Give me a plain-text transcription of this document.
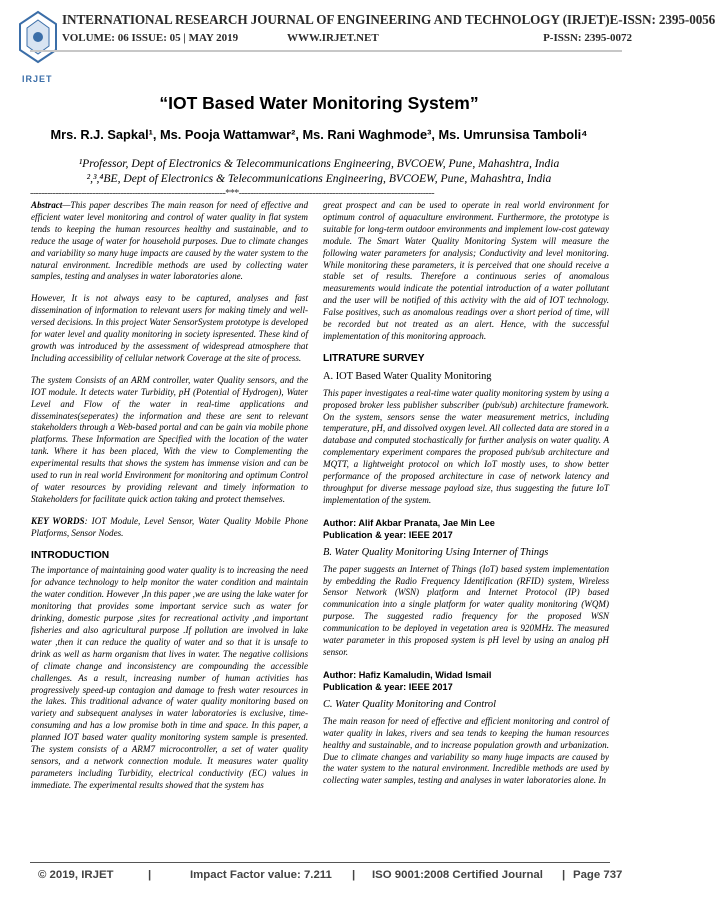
IRJET
INTERNATIONAL RESEARCH JOURNAL OF ENGINEERING AND TECHNOLOGY (IRJET)E-ISSN: 2395-0056
VOLUME: 06 ISSUE: 05 | MAY 2019	WWW.IRJET.NET	P-ISSN: 2395-0072
“IOT Based Water Monitoring System”
Mrs. R.J. Sapkal¹, Ms. Pooja Wattamwar², Ms. Rani Waghmode³, Ms. Umrunsisa Tamboli⁴
¹Professor, Dept of Electronics & Telecommunications Engineering, BVCOEW, Pune, Mahashtra, India
²,³,⁴BE, Dept of Electronics & Telecommunications Engineering, BVCOEW, Pune, Mahashtra, India
---------------------------------------------------------------------***---------------------------------------------------------------------

Abstract—This paper describes The main reason for need of effective and efficient water level monitoring and control of water quality in flat system tends to keeping the human resources healthy and sustainable, and to reduce the usage of water for household purposes. Due to climate changes and variability so many huge impacts are caused by the water system to the natural environment. Incredible methods are used by collecting water samples, testing and analyses in water laboratories alone.

However, It is not always easy to be captured, analyses and fast dissemination of information to relevant users for making timely and well-versed decisions. In this project Water SensorSystem prototype is developed for water level and quality monitoring in society ispresented. These kind of growth was introduced by the assessment of widespread atmosphere that Including accessibility of cellular network Coverage at the site of process.

The system Consists of an ARM controller, water Quality sensors, and the IOT module. It detects water Turbidity, pH (Potential of Hydrogen), Water Level and Flow of the water in real-time applications and disseminates(seperates) the information and these are sent to relevant stakeholders through a Web-based portal and can be gain via mobile phone platforms. These Information are Specified with the location of the water tank. Where it has been placed, With the view to Complementing the experimental results that shows the system has immense vision and can be used to run in real world Environment for monitoring and optimum Control of water resources by providing relevant and timely information to Stakeholders for facilitate quick action taking and protect themselves.

KEY WORDS: IOT Module, Level Sensor, Water Quality Mobile Phone Platforms, Sensor Nodes.

INTRODUCTION

The importance of maintaining good water quality is to increasing the need for advance technology to help monitor the water condition and maintain the water condition. However ,In this paper ,we are using the lake water for monitoring that provides some important service such as water for drinking, domestic purpose ,sites for recreational activity ,and important fisheries and also agricultural purpose .If pollution are involved in lake water ,then it can reduce the quality of water and so that it is unsafe to drink as well as harm organism that lives in water. The negative collisions of climate change and inconsistency are compounding the accessible challenges. As a result, increasing number of human activities has progressively speed-up contagion and damage to fresh water resources in the lakes. This traditional advance of water quality monitoring based on variety and subsequent analyses in water laboratories is exclusive, time- consuming and has a low promise both in time and space. In this paper, a planned IOT based water quality monitoring system sample is presented. The system consists of a ARM7 microcontroller, a set of water quality sensors, and a network connection module. It measures water quality parameters including Turbidity, electrical conductivity (EC) values in immediate. The experimental results showed that the system has

great prospect and can be used to operate in real world environment for optimum control of aquaculture environment. Furthermore, the prototype is suitable for long-term outdoor environments and implement low-cost gateway module. The Smart Water Quality Monitoring System will measure the following water parameters for analysis; Conductivity and level monitoring. While monitoring these parameters, it is perceived that one should receive a stable set of results. Therefore a continuous series of anomalous measurements would indicate the potential introduction of a water pollutant and the user will be notified of this activity with the aid of IOT technology. False positives, such as anomalous readings over a short period of time, will be recorded but not treated as an alert. Hence, with the successful implementation of this monitoring approach.

LITRATURE SURVEY
A. IOT Based Water Quality Monitoring

This paper investigates a real-time water quality monitoring system by using a proposed broker less publisher subscriber (pub/sub) architecture framework. On the system, sensors sense the water measurement metrics, including temperature, pH, and dissolved oxygen level. All collected data are stored in a database and computed stochastically for further analysis on water quality. A complementary experiment compares the proposed pub/sub architecture and MQTT, a lightweight protocol on which IoT mostly uses, to show better performance of the proposed architecture in case of network latency and throughput for diverse message payload size, thus suggesting the future IoT implementation of the system.

Author: Alif Akbar Pranata, Jae Min Lee
Publication & year: IEEE 2017
B. Water Quality Monitoring Using Interner of Things

The paper suggests an Internet of Things (IoT) based system implementation by embedding the Radio Frequency Identification (RFID) system, Wireless Sensor Network (WSN) platform and Internet Protocol (IP) based communication into a single platform for water quality monitoring (WQM) purpose. The suggested radio frequency for the proposed WSN communication to be deployed in vegetation area is 920MHz. The measured water parameter in this proposed system is pH level by using an analog pH sensor.

Author: Hafiz Kamaludin, Widad Ismail
Publication & year: IEEE 2017
C. Water Quality Monitoring and Control

The main reason for need of effective and efficient monitoring and control of water quality in lakes, rivers and sea tends to keeping the human resources healthy and sustainable, and to increase population growth and urbanization. Due to climate changes and variability so many huge impacts are caused by the water system to the natural environment. Incredible methods are used by collecting water samples, testing and analyses in water laboratories alone. In

© 2019, IRJET	|	Impact Factor value: 7.211 | ISO 9001:2008 Certified Journal | Page 737
